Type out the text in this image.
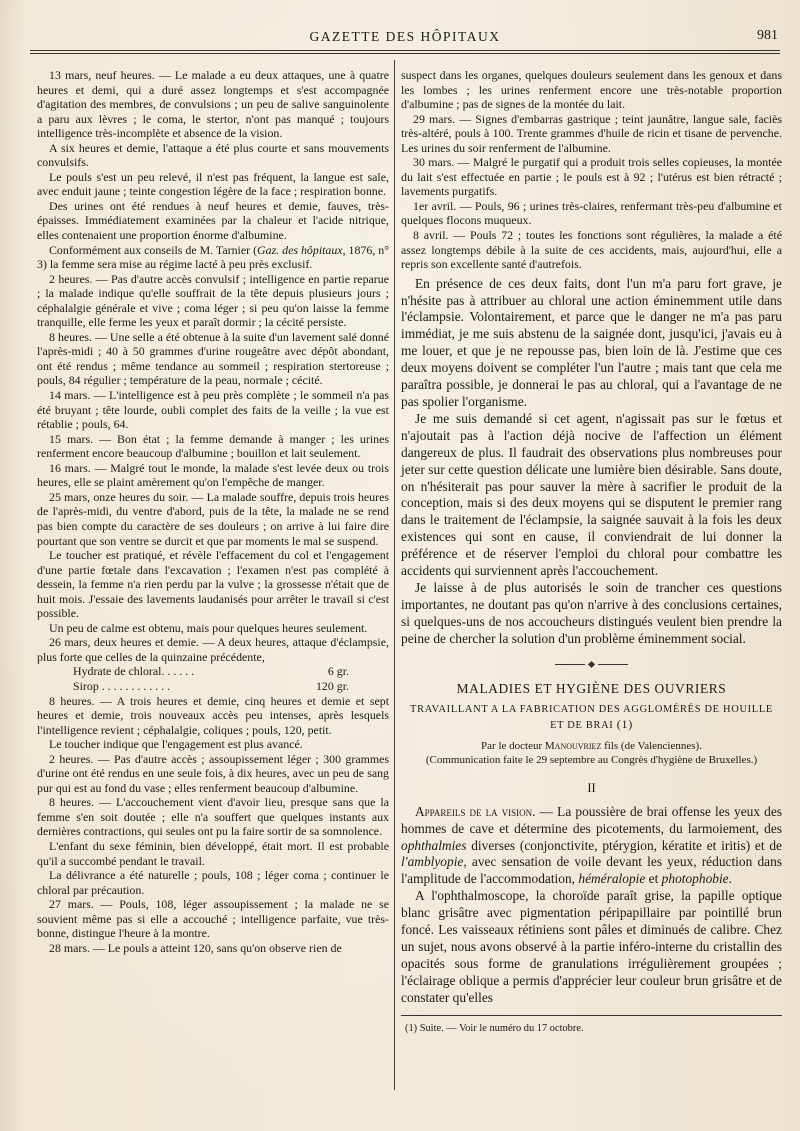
GAZETTE DES HÔPITAUX	981

13 mars, neuf heures. — Le malade a eu deux attaques, une à quatre heures et demi, qui a duré assez longtemps et s'est accompagnée d'agitation des membres, de convulsions ; un peu de salive sanguinolente a paru aux lèvres ; le coma, le stertor, n'ont pas manqué ; toujours intelligence très-incomplète et absence de la vision.

A six heures et demie, l'attaque a été plus courte et sans mouvements convulsifs.

Le pouls s'est un peu relevé, il n'est pas fréquent, la langue est sale, avec enduit jaune ; teinte congestion légère de la face ; respiration bonne.

Des urines ont été rendues à neuf heures et demie, fauves, très-épaisses. Immédiatement examinées par la chaleur et l'acide nitrique, elles contenaient une proportion énorme d'albumine.

Conformément aux conseils de M. Tarnier (Gaz. des hôpitaux, 1876, n° 3) la femme sera mise au régime lacté à peu près exclusif.

2 heures. — Pas d'autre accès convulsif ; intelligence en partie reparue ; la malade indique qu'elle souffrait de la tête depuis plusieurs jours ; céphalalgie générale et vive ; coma léger ; si peu qu'on laisse la femme tranquille, elle ferme les yeux et paraît dormir ; la cécité persiste.

8 heures. — Une selle a été obtenue à la suite d'un lavement salé donné l'après-midi ; 40 à 50 grammes d'urine rougeâtre avec dépôt abondant, ont été rendus ; même tendance au sommeil ; respiration stertoreuse ; pouls, 84 régulier ; température de la peau, normale ; cécité.

14 mars. — L'intelligence est à peu près complète ; le sommeil n'a pas été bruyant ; tête lourde, oubli complet des faits de la veille ; la vue est rétablie ; pouls, 64.

15 mars. — Bon état ; la femme demande à manger ; les urines renferment encore beaucoup d'albumine ; bouillon et lait seulement.

16 mars. — Malgré tout le monde, la malade s'est levée deux ou trois heures, elle se plaint amèrement qu'on l'empêche de manger.

25 mars, onze heures du soir. — La malade souffre, depuis trois heures de l'après-midi, du ventre d'abord, puis de la tête, la malade ne se rend pas bien compte du caractère de ses douleurs ; on arrive à lui faire dire pourtant que son ventre se durcit et que par moments le mal se suspend.

Le toucher est pratiqué, et révèle l'effacement du col et l'engagement d'une partie fœtale dans l'excavation ; l'examen n'est pas complété à dessein, la femme n'a rien perdu par la vulve ; la grossesse n'était que de huit mois. J'essaie des lavements laudanisés pour arrêter le travail si c'est possible.

Un peu de calme est obtenu, mais pour quelques heures seulement.

26 mars, deux heures et demie. — A deux heures, attaque d'éclampsie, plus forte que celles de la quinzaine précédente,

Hydrate de chloral. . . . . .	6 gr.
Sirop . . . . . . . . . . . .	120 gr.

8 heures. — A trois heures et demie, cinq heures et demie et sept heures et demie, trois nouveaux accès peu intenses, après lesquels l'intelligence revient ; céphalalgie, coliques ; pouls, 120, petit.

Le toucher indique que l'engagement est plus avancé.

2 heures. — Pas d'autre accès ; assoupissement léger ; 300 grammes d'urine ont été rendus en une seule fois, à dix heures, avec un peu de sang pur qui est au fond du vase ; elles renferment beaucoup d'albumine.

8 heures. — L'accouchement vient d'avoir lieu, presque sans que la femme s'en soit doutée ; elle n'a souffert que quelques instants aux dernières contractions, qui seules ont pu la faire sortir de sa somnolence.

L'enfant du sexe féminin, bien développé, était mort. Il est probable qu'il a succombé pendant le travail.

La délivrance a été naturelle ; pouls, 108 ; léger coma ; continuer le chloral par précaution.

27 mars. — Pouls, 108, léger assoupissement ; la malade ne se souvient même pas si elle a accouché ; intelligence parfaite, vue très-bonne, distingue l'heure à la montre.

28 mars. — Le pouls a atteint 120, sans qu'on observe rien de

suspect dans les organes, quelques douleurs seulement dans les genoux et dans les lombes ; les urines renferment encore une très-notable proportion d'albumine ; pas de signes de la montée du lait.

29 mars. — Signes d'embarras gastrique ; teint jaunâtre, langue sale, faciès très-altéré, pouls à 100. Trente grammes d'huile de ricin et tisane de pervenche. Les urines du soir renferment de l'albumine.

30 mars. — Malgré le purgatif qui a produit trois selles copieuses, la montée du lait s'est effectuée en partie ; le pouls est à 92 ; l'utérus est bien rétracté ; lavements purgatifs.

1er avril. — Pouls, 96 ; urines très-claires, renfermant très-peu d'albumine et quelques flocons muqueux.

8 avril. — Pouls 72 ; toutes les fonctions sont régulières, la malade a été assez longtemps débile à la suite de ces accidents, mais, aujourd'hui, elle a repris son excellente santé d'autrefois.

En présence de ces deux faits, dont l'un m'a paru fort grave, je n'hésite pas à attribuer au chloral une action éminemment utile dans l'éclampsie. Volontairement, et parce que le danger ne m'a pas paru immédiat, je me suis abstenu de la saignée dont, jusqu'ici, j'avais eu à me louer, et que je ne repousse pas, bien loin de là. J'estime que ces deux moyens doivent se compléter l'un l'autre ; mais tant que cela me paraîtra possible, je donnerai le pas au chloral, qui a l'avantage de ne pas spolier l'organisme.

Je me suis demandé si cet agent, n'agissait pas sur le fœtus et n'ajoutait pas à l'action déjà nocive de l'affection un élément dangereux de plus. Il faudrait des observations plus nombreuses pour jeter sur cette question délicate une lumière bien désirable. Sans doute, on n'hésiterait pas pour sauver la mère à sacrifier le produit de la conception, mais si des deux moyens qui se disputent le premier rang dans le traitement de l'éclampsie, la saignée sauvait à la fois les deux existences qui sont en cause, il conviendrait de lui donner la préférence et de réserver l'emploi du chloral pour combattre les accidents qui surviennent après l'accouchement.

Je laisse à de plus autorisés le soin de trancher ces questions importantes, ne doutant pas qu'on n'arrive à des conclusions certaines, si quelques-uns de nos accoucheurs distingués veulent bien prendre la peine de chercher la solution d'un problème éminemment social.

MALADIES ET HYGIÈNE DES OUVRIERS
TRAVAILLANT A LA FABRICATION DES AGGLOMÉRÉS DE HOUILLE ET DE BRAI (1)
Par le docteur Manouvriez fils (de Valenciennes).
(Communication faite le 29 septembre au Congrès d'hygiène de Bruxelles.)
II

Appareils de la vision. — La poussière de brai offense les yeux des hommes de cave et détermine des picotements, du larmoiement, des ophthalmies diverses (conjonctivite, ptérygion, kératite et iritis) et de l'amblyopie, avec sensation de voile devant les yeux, réduction dans l'amplitude de l'accommodation, héméralopie et photophobie.

A l'ophthalmoscope, la choroïde paraît grise, la papille optique blanc grisâtre avec pigmentation péripapillaire par pointillé brun foncé. Les vaisseaux rétiniens sont pâles et diminués de calibre. Chez un sujet, nous avons observé à la partie inféro-interne du cristallin des opacités sous forme de granulations irrégulièrement groupées ; l'éclairage oblique a permis d'apprécier leur couleur brun grisâtre et de constater qu'elles

(1) Suite. — Voir le numéro du 17 octobre.
